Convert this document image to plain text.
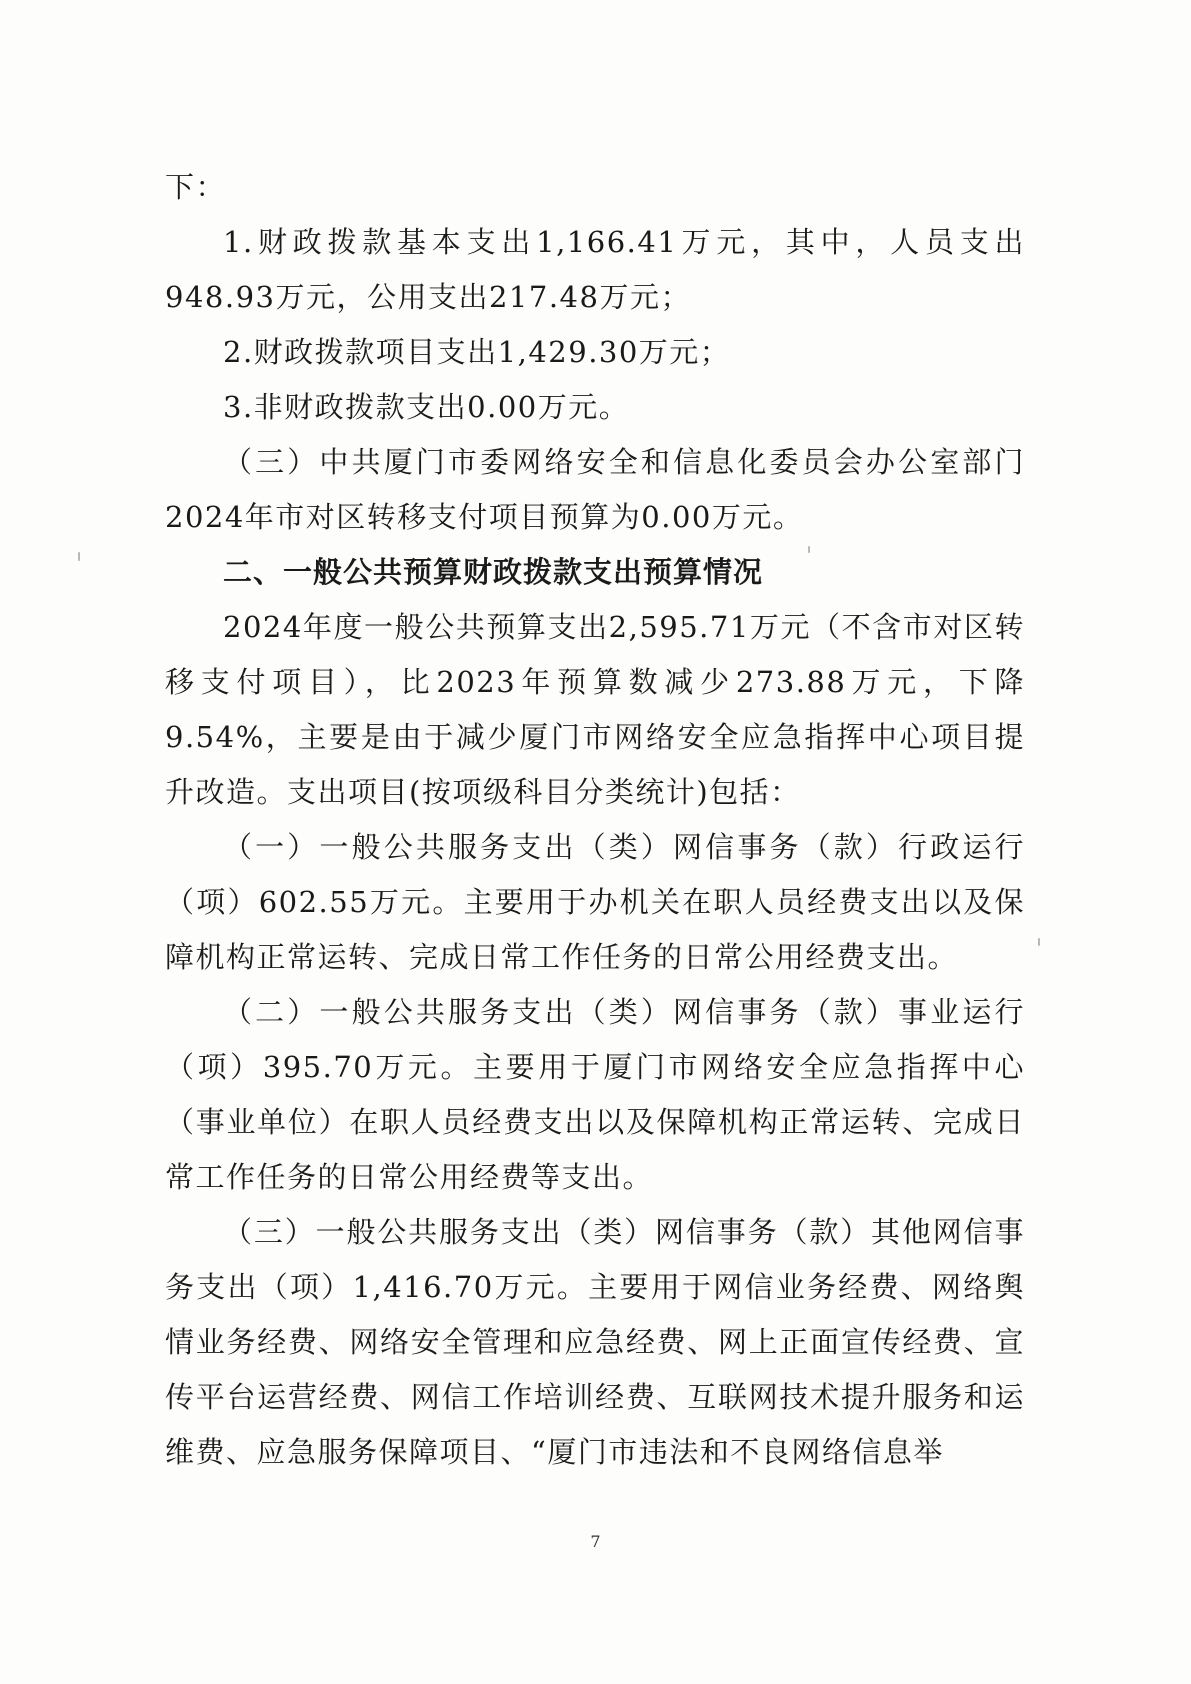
下：

1.财政拨款基本支出1,166.41万元，其中，人员支出948.93万元，公用支出217.48万元；

2.财政拨款项目支出1,429.30万元；

3.非财政拨款支出0.00万元。

（三）中共厦门市委网络安全和信息化委员会办公室部门2024年市对区转移支付项目预算为0.00万元。

二、一般公共预算财政拨款支出预算情况

2024年度一般公共预算支出2,595.71万元（不含市对区转移支付项目），比2023年预算数减少273.88万元，下降9.54%，主要是由于减少厦门市网络安全应急指挥中心项目提升改造。支出项目(按项级科目分类统计)包括：

（一）一般公共服务支出（类）网信事务（款）行政运行（项）602.55万元。主要用于办机关在职人员经费支出以及保障机构正常运转、完成日常工作任务的日常公用经费支出。

（二）一般公共服务支出（类）网信事务（款）事业运行（项）395.70万元。主要用于厦门市网络安全应急指挥中心（事业单位）在职人员经费支出以及保障机构正常运转、完成日常工作任务的日常公用经费等支出。

（三）一般公共服务支出（类）网信事务（款）其他网信事务支出（项）1,416.70万元。主要用于网信业务经费、网络舆情业务经费、网络安全管理和应急经费、网上正面宣传经费、宣传平台运营经费、网信工作培训经费、互联网技术提升服务和运维费、应急服务保障项目、“厦门市违法和不良网络信息举

7
